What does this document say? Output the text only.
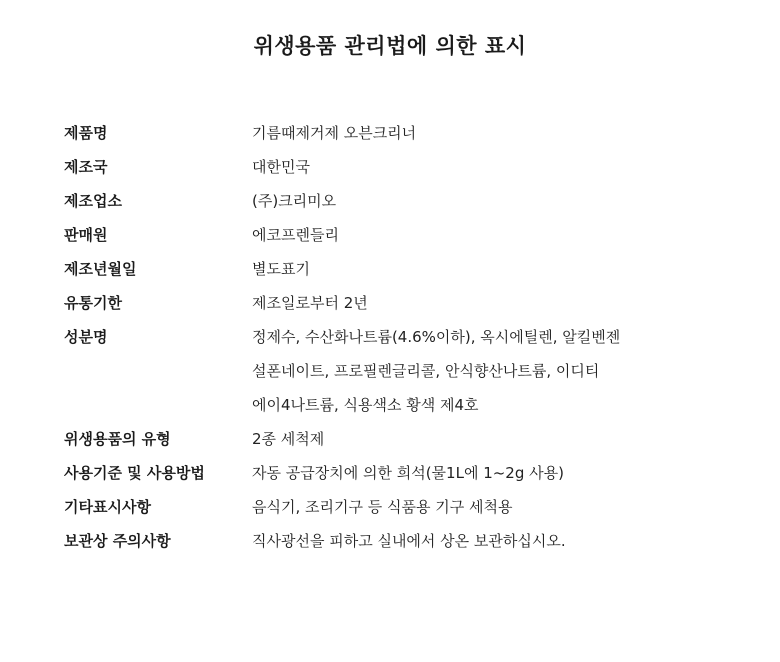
위생용품 관리법에 의한 표시
제품명	기름때제거제 오븐크리너
제조국	대한민국
제조업소	(주)크리미오
판매원	에코프렌들리
제조년월일	별도표기
유통기한	제조일로부터 2년
성분명	정제수, 수산화나트륨(4.6%이하), 옥시에틸렌, 알킬벤젠
설폰네이트, 프로필렌글리콜, 안식향산나트륨, 이디티
에이4나트륨, 식용색소 황색 제4호
위생용품의 유형	2종 세척제
사용기준 및 사용방법	자동 공급장치에 의한 희석(물1L에 1~2g 사용)
기타표시사항	음식기, 조리기구 등 식품용 기구 세척용
보관상 주의사항	직사광선을 피하고 실내에서 상온 보관하십시오.
